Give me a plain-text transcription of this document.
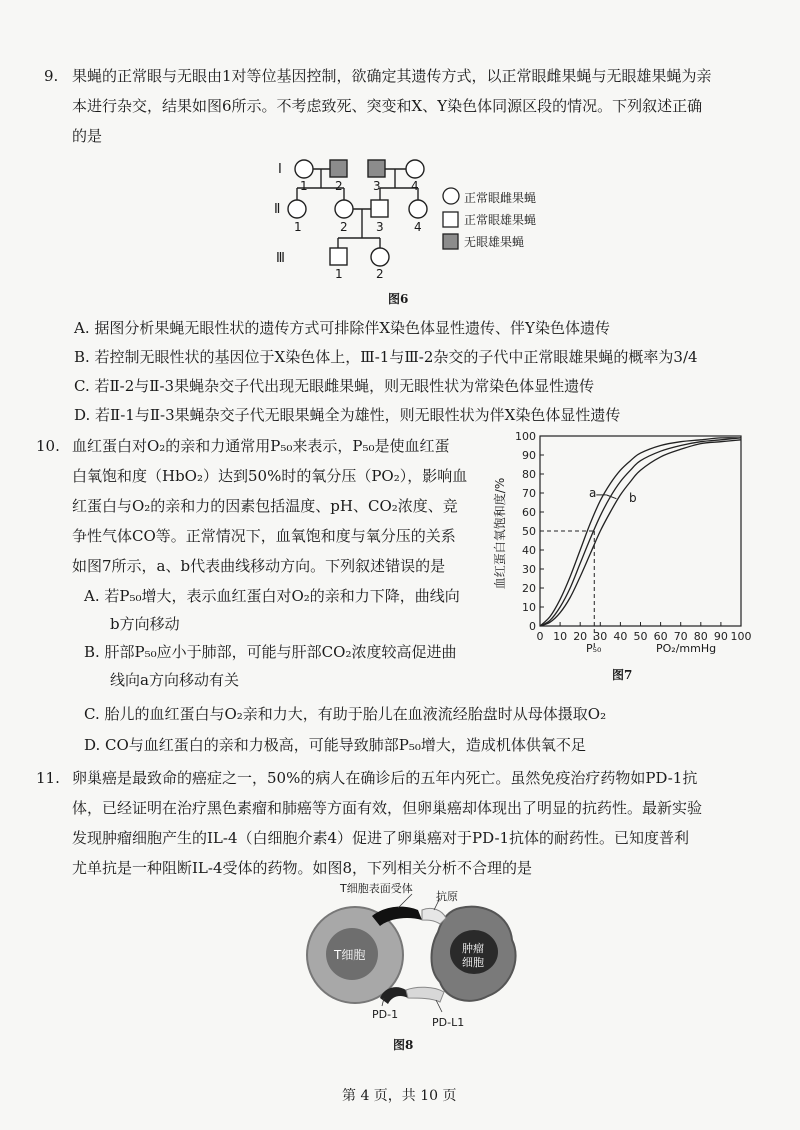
9. 果蝇的正常眼与无眼由1对等位基因控制，欲确定其遗传方式，以正常眼雌果蝇与无眼雄果蝇为亲
本进行杂交，结果如图6所示。不考虑致死、突变和X、Y染色体同源区段的情况。下列叙述正确
的是
Ⅰ
Ⅱ
Ⅲ
1 2	3	4
1	2 3	4
1	2
正常眼雌果蝇
正常眼雄果蝇
无眼雄果蝇
图6
A. 据图分析果蝇无眼性状的遗传方式可排除伴X染色体显性遗传、伴Y染色体遗传
B. 若控制无眼性状的基因位于X染色体上，Ⅲ-1与Ⅲ-2杂交的子代中正常眼雄果蝇的概率为3/4
C. 若Ⅱ-2与Ⅱ-3果蝇杂交子代出现无眼雌果蝇，则无眼性状为常染色体显性遗传
D. 若Ⅱ-1与Ⅱ-3果蝇杂交子代无眼果蝇全为雄性，则无眼性状为伴X染色体显性遗传
10. 血红蛋白对O₂的亲和力通常用P₅₀来表示，P₅₀是使血红蛋
白氧饱和度（HbO₂）达到50%时的氧分压（PO₂），影响血
红蛋白与O₂的亲和力的因素包括温度、pH、CO₂浓度、竞
争性气体CO等。正常情况下，血氧饱和度与氧分压的关系
如图7所示，a、b代表曲线移动方向。下列叙述错误的是
A. 若P₅₀增大，表示血红蛋白对O₂的亲和力下降，曲线向
b方向移动
B. 肝部P₅₀应小于肺部，可能与肝部CO₂浓度较高促进曲
线向a方向移动有关
C. 胎儿的血红蛋白与O₂亲和力大，有助于胎儿在血液流经胎盘时从母体摄取O₂
D. CO与血红蛋白的亲和力极高，可能导致肺部P₅₀增大，造成机体供氧不足
0
10
20
30
40
50
60
70
80
90
100
0 10 20 30 40 50 60 70 80 90 100
血红蛋白氧饱和度/%
PO₂/mmHg
P₅₀
a	b
图7
11. 卵巢癌是最致命的癌症之一，50%的病人在确诊后的五年内死亡。虽然免疫治疗药物如PD-1抗
体，已经证明在治疗黑色素瘤和肺癌等方面有效，但卵巢癌却体现出了明显的抗药性。最新实验
发现肿瘤细胞产生的IL-4（白细胞介素4）促进了卵巢癌对于PD-1抗体的耐药性。已知度普利
尤单抗是一种阻断IL-4受体的药物。如图8，下列相关分析不合理的是
T细胞表面受体
抗原
T细胞	肿瘤
细胞
PD-1
PD-L1
图8
第 4 页，共 10 页
